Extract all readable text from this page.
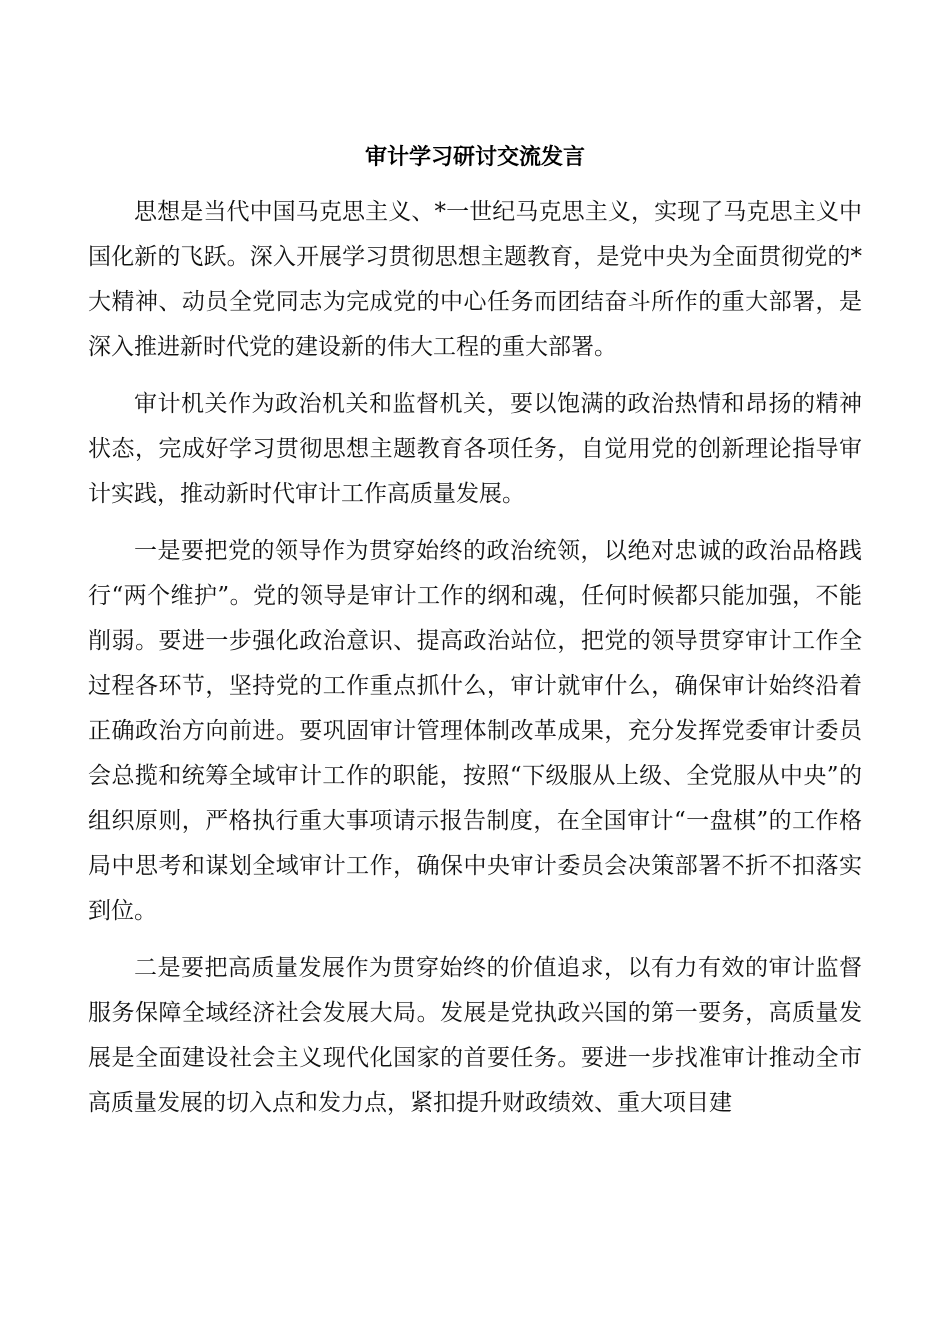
审计学习研讨交流发言

思想是当代中国马克思主义、*一世纪马克思主义，实现了马克思主义中国化新的飞跃。深入开展学习贯彻思想主题教育，是党中央为全面贯彻党的*大精神、动员全党同志为完成党的中心任务而团结奋斗所作的重大部署，是深入推进新时代党的建设新的伟大工程的重大部署。

审计机关作为政治机关和监督机关，要以饱满的政治热情和昂扬的精神状态，完成好学习贯彻思想主题教育各项任务，自觉用党的创新理论指导审计实践，推动新时代审计工作高质量发展。

一是要把党的领导作为贯穿始终的政治统领，以绝对忠诚的政治品格践行“两个维护”。党的领导是审计工作的纲和魂，任何时候都只能加强，不能削弱。要进一步强化政治意识、提高政治站位，把党的领导贯穿审计工作全过程各环节，坚持党的工作重点抓什么，审计就审什么，确保审计始终沿着正确政治方向前进。要巩固审计管理体制改革成果，充分发挥党委审计委员会总揽和统筹全域审计工作的职能，按照“下级服从上级、全党服从中央”的组织原则，严格执行重大事项请示报告制度，在全国审计“一盘棋”的工作格局中思考和谋划全域审计工作，确保中央审计委员会决策部署不折不扣落实到位。

二是要把高质量发展作为贯穿始终的价值追求，以有力有效的审计监督服务保障全域经济社会发展大局。发展是党执政兴国的第一要务，高质量发展是全面建设社会主义现代化国家的首要任务。要进一步找准审计推动全市高质量发展的切入点和发力点，紧扣提升财政绩效、重大项目建
